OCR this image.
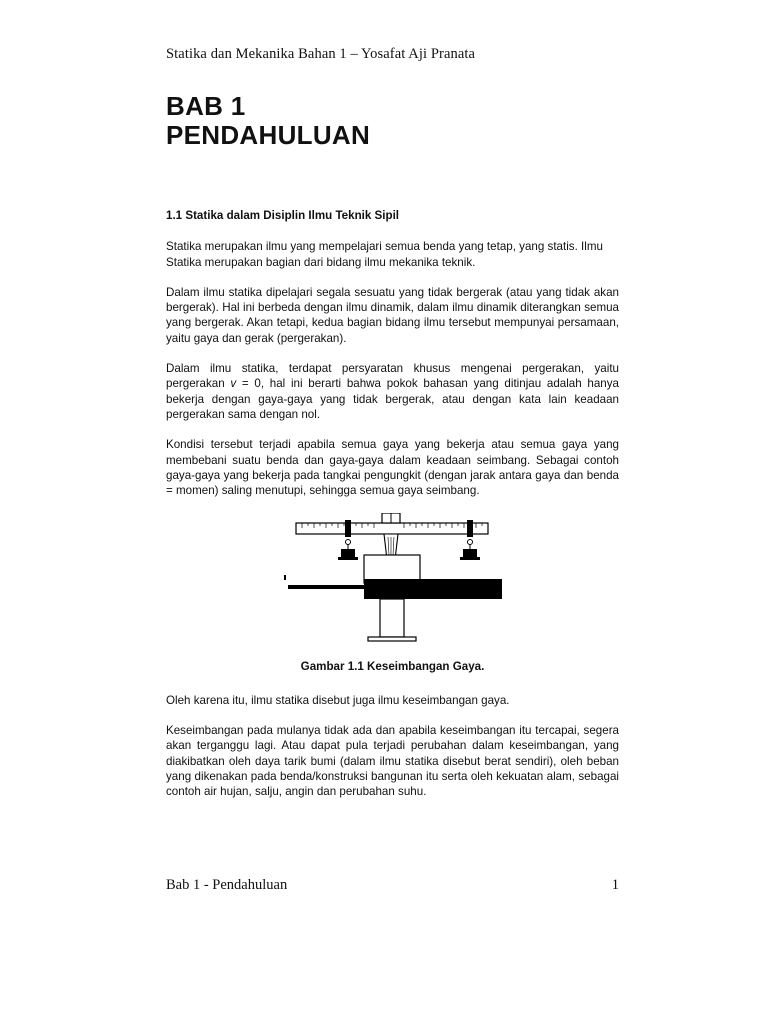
Statika dan Mekanika Bahan 1 – Yosafat Aji Pranata
BAB 1
PENDAHULUAN
1.1 Statika dalam Disiplin Ilmu Teknik Sipil

Statika merupakan ilmu yang mempelajari semua benda yang tetap, yang statis. Ilmu Statika merupakan bagian dari bidang ilmu mekanika teknik.

Dalam ilmu statika dipelajari segala sesuatu yang tidak bergerak (atau yang tidak akan bergerak). Hal ini berbeda dengan ilmu dinamik, dalam ilmu dinamik diterangkan semua yang bergerak. Akan tetapi, kedua bagian bidang ilmu tersebut mempunyai persamaan, yaitu gaya dan gerak (pergerakan).

Dalam ilmu statika, terdapat persyaratan khusus mengenai pergerakan, yaitu pergerakan v = 0, hal ini berarti bahwa pokok bahasan yang ditinjau adalah hanya bekerja dengan gaya-gaya yang tidak bergerak, atau dengan kata lain keadaan pergerakan sama dengan nol.

Kondisi tersebut terjadi apabila semua gaya yang bekerja atau semua gaya yang membebani suatu benda dan gaya-gaya dalam keadaan seimbang. Sebagai contoh gaya-gaya yang bekerja pada tangkai pengungkit (dengan jarak antara gaya dan benda = momen) saling menutupi, sehingga semua gaya seimbang.

Gambar 1.1 Keseimbangan Gaya.

Oleh karena itu, ilmu statika disebut juga ilmu keseimbangan gaya.

Keseimbangan pada mulanya tidak ada dan apabila keseimbangan itu tercapai, segera akan terganggu lagi. Atau dapat pula terjadi perubahan dalam keseimbangan, yang diakibatkan oleh daya tarik bumi (dalam ilmu statika disebut berat sendiri), oleh beban yang dikenakan pada benda/konstruksi bangunan itu serta oleh kekuatan alam, sebagai contoh air hujan, salju, angin dan perubahan suhu.

Bab 1 - Pendahuluan	1
